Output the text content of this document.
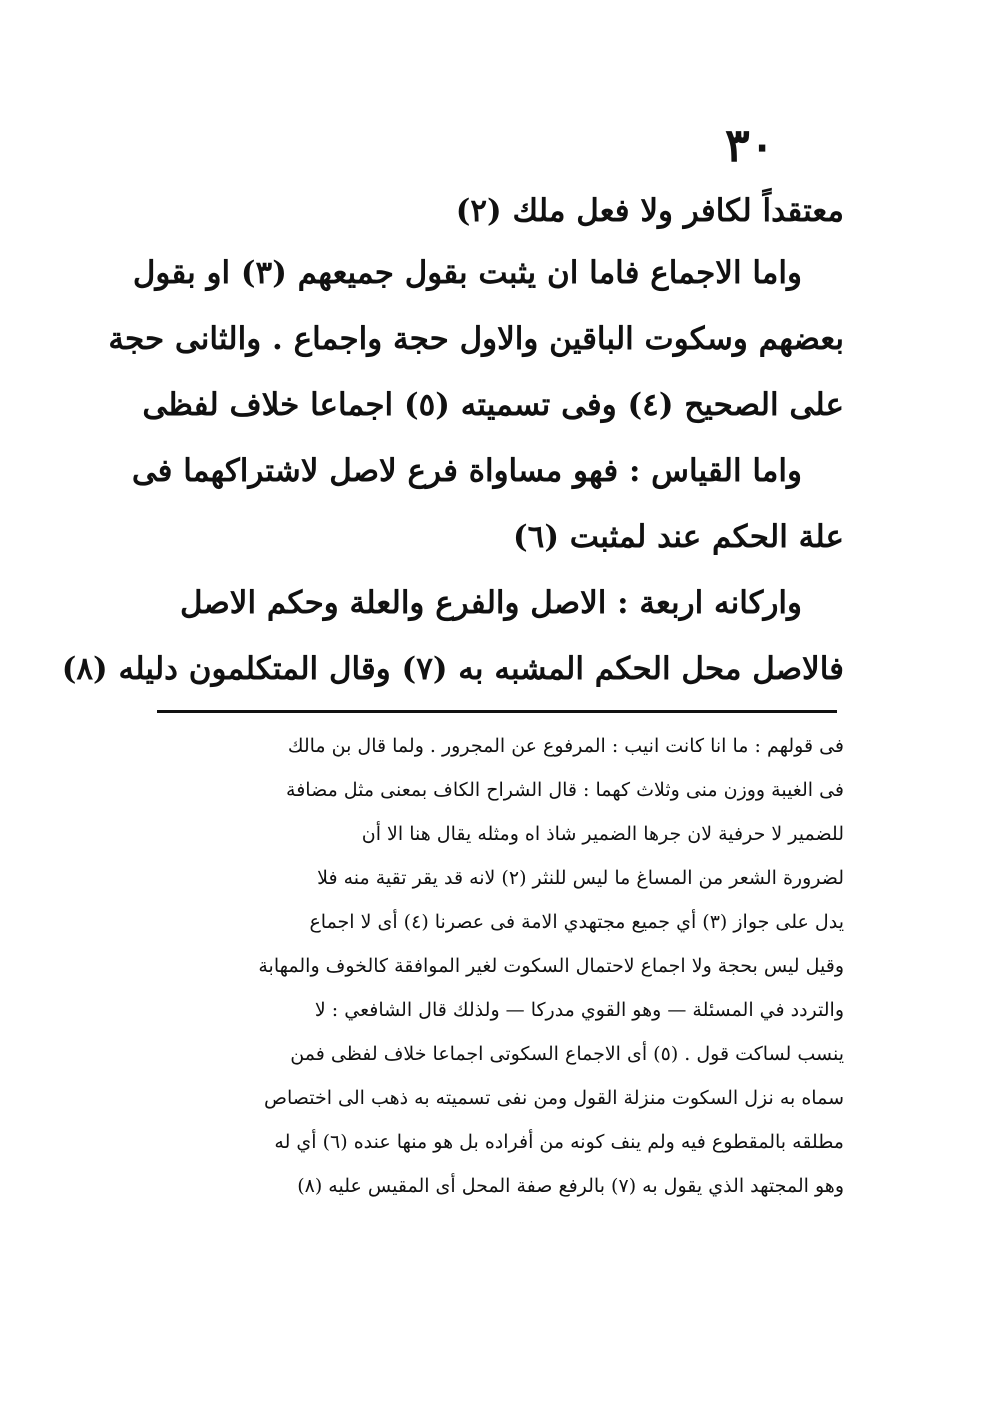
٣٠
معتقداً لكافر ولا فعل ملك (٢)
واما الاجماع فاما ان يثبت بقول جميعهم (٣) او بقول
بعضهم وسكوت الباقين والاول حجة واجماع . والثانى حجة
على الصحيح (٤) وفى تسميته (٥) اجماعا خلاف لفظى
واما القياس : فهو مساواة فرع لاصل لاشتراكهما فى
علة الحكم عند لمثبت (٦)
واركانه اربعة : الاصل والفرع والعلة وحكم الاصل
فالاصل محل الحكم المشبه به (٧) وقال المتكلمون دليله (٨)
فى قولهم : ما انا كانت انيب : المرفوع عن المجرور . ولما قال بن مالك
فى الغيبة ووزن منى وثلاث كهما : قال الشراح الكاف بمعنى مثل مضافة
للضمير لا حرفية لان جرها الضمير شاذ اه ومثله يقال هنا الا أن
لضرورة الشعر من المساغ ما ليس للنثر (٢) لانه قد يقر تقية منه فلا
يدل على جواز (٣) أي جميع مجتهدي الامة فى عصرنا (٤) أى لا اجماع
وقيل ليس بحجة ولا اجماع لاحتمال السكوت لغير الموافقة كالخوف والمهابة
والتردد في المسئلة — وهو القوي مدركا — ولذلك قال الشافعي : لا
ينسب لساكت قول . (٥) أى الاجماع السكوتى اجماعا خلاف لفظى فمن
سماه به نزل السكوت منزلة القول ومن نفى تسميته به ذهب الى اختصاص
مطلقه بالمقطوع فيه ولم ينف كونه من أفراده بل هو منها عنده (٦) أي له
وهو المجتهد الذي يقول به (٧) بالرفع صفة المحل أى المقيس عليه (٨)
